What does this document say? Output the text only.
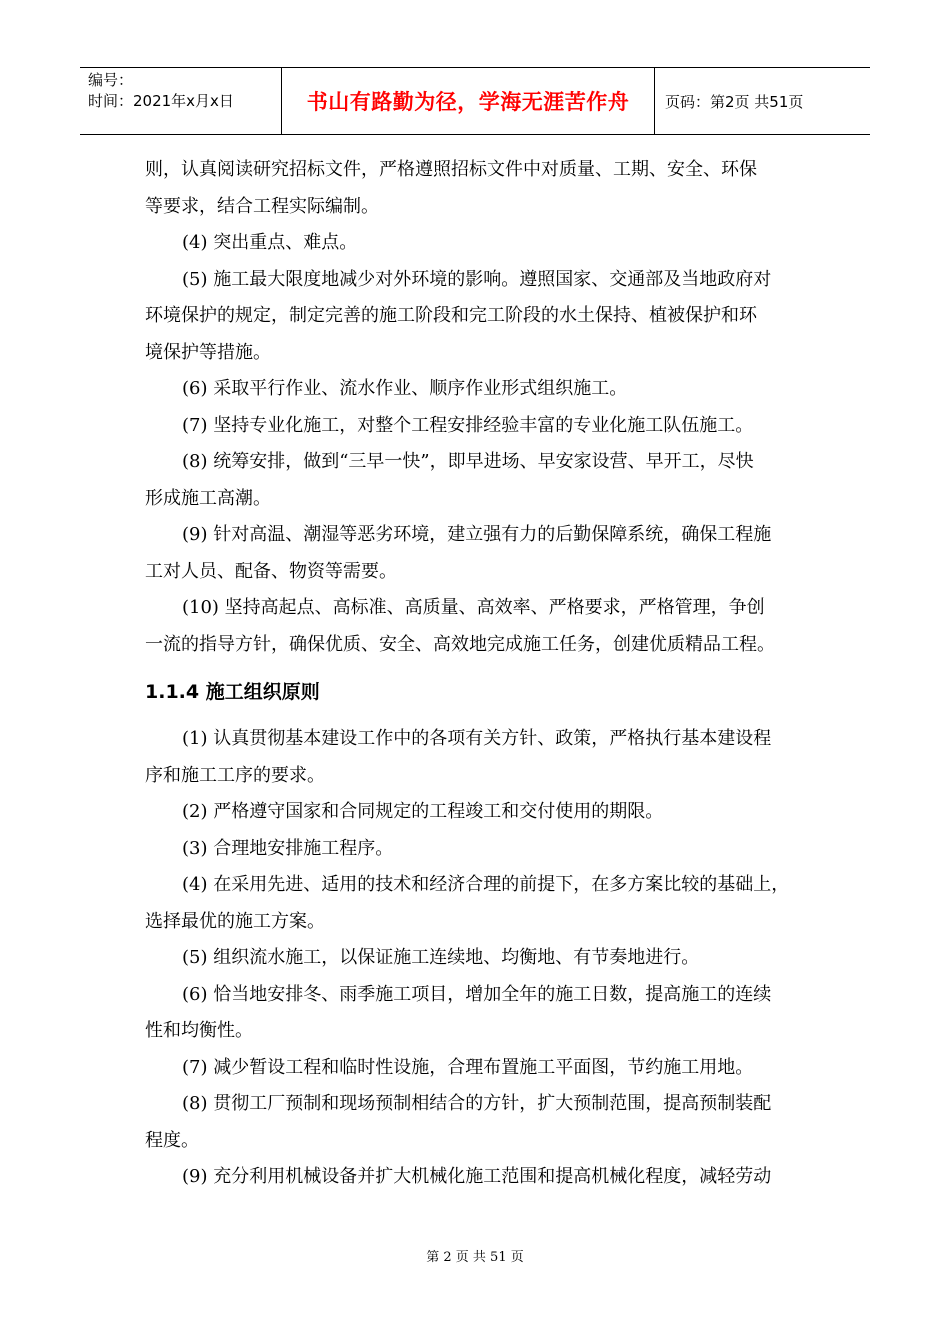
编号：
时间：2021年x月x日	书山有路勤为径，学海无涯苦作舟	页码：第2页 共51页

则，认真阅读研究招标文件，严格遵照招标文件中对质量、工期、安全、环保

等要求，结合工程实际编制。

(4) 突出重点、难点。

(5) 施工最大限度地减少对外环境的影响。遵照国家、交通部及当地政府对

环境保护的规定，制定完善的施工阶段和完工阶段的水土保持、植被保护和环

境保护等措施。

(6) 采取平行作业、流水作业、顺序作业形式组织施工。

(7) 坚持专业化施工，对整个工程安排经验丰富的专业化施工队伍施工。

(8) 统筹安排，做到“三早一快”，即早进场、早安家设营、早开工，尽快

形成施工高潮。

(9) 针对高温、潮湿等恶劣环境，建立强有力的后勤保障系统，确保工程施

工对人员、配备、物资等需要。

(10) 坚持高起点、高标准、高质量、高效率、严格要求，严格管理，争创

一流的指导方针，确保优质、安全、高效地完成施工任务，创建优质精品工程。

1.1.4 施工组织原则

(1) 认真贯彻基本建设工作中的各项有关方针、政策，严格执行基本建设程

序和施工工序的要求。

(2) 严格遵守国家和合同规定的工程竣工和交付使用的期限。

(3) 合理地安排施工程序。

(4) 在采用先进、适用的技术和经济合理的前提下，在多方案比较的基础上，

选择最优的施工方案。

(5) 组织流水施工，以保证施工连续地、均衡地、有节奏地进行。

(6) 恰当地安排冬、雨季施工项目，增加全年的施工日数，提高施工的连续

性和均衡性。

(7) 减少暂设工程和临时性设施，合理布置施工平面图，节约施工用地。

(8) 贯彻工厂预制和现场预制相结合的方针，扩大预制范围，提高预制装配

程度。

(9) 充分利用机械设备并扩大机械化施工范围和提高机械化程度，减轻劳动

第 2 页 共 51 页
